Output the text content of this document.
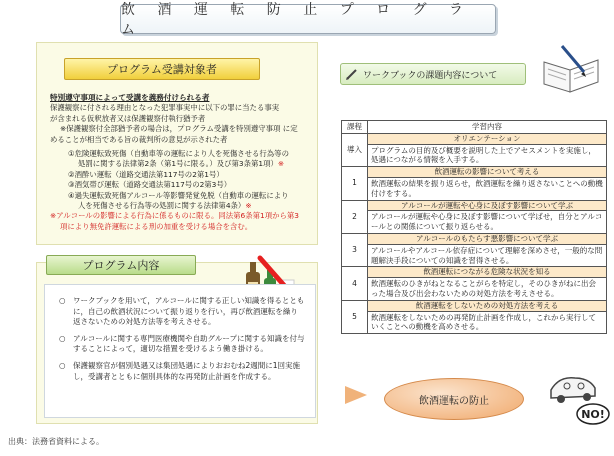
飲 酒 運 転 防 止 プ ロ グ ラ ム
プログラム受講対象者
特別遵守事項によって受講を義務付けられる者
保護観察に付される理由となった犯罪事実中に以下の罪に当たる事実
が含まれる仮釈放者又は保護観察付執行猶予者
※保護観察付全部猶予者の場合は，プログラム受講を特別遵守事項 に定
めることが相当である旨の裁判所の意見が示された者
①危険運転致死傷（自動車等の運転により人を死傷させる行為等の
処罰に関する法律第2条（第1号に限る。）及び第3条第1項）※
②酒酔い運転（道路交通法第117号の2第1号）
③酒気帯び運転（道路交通法第117号の2第3号）
④過失運転致死傷アルコール等影響発覚免脱（自動車の運転により
人を死傷させる行為等の処罰に関する法律第4条）※
※アルコールの影響による行為に係るものに限る。同法第6条第1項から第3
項により無免許運転による刑の加重を受ける場合を含む。
プログラム内容
○ ワークブックを用いて，アルコールに関する正しい知識を得るとともに，自己の飲酒状況について振り返りを行い，再び飲酒運転を繰り返さないための対処方法等を考えさせる。
○ アルコールに関する専門医療機関や自助グループに関する知識を付与することによって，適切な措置を受けるよう働き掛ける。
○ 保護観察官が個別処遇又は集団処遇によりおおむね2週間に1回実施し，受講者とともに個別具体的な再発防止計画を作成する。
ワークブックの課題内容について
課程	学習内容
導入	オリエンテーション
	プログラムの目的及び概要を説明した上でアセスメントを実施し，処遇につながる情報を入手する。
1	飲酒運転の影響について考える
	飲酒運転の結果を振り返らせ，飲酒運転を繰り返さないことへの動機付けをする。
2	アルコールが運転や心身に及ぼす影響について学ぶ
	アルコールが運転や心身に及ぼす影響について学ばせ，自分とアルコールとの関係について振り返らせる。
3	アルコールのもたらす悪影響について学ぶ
	アルコールやアルコール依存症について理解を深めさせ，一般的な問題解決手段についての知識を習得させる。
4	飲酒運転につながる危険な状況を知る
	飲酒運転のひきがねとなることがらを特定し，そのひきがねに出会った場合及び出会わないための対処方法を考えさせる。
5	飲酒運転をしないための対処方法を考える
	飲酒運転をしないための再発防止計画を作成し，これから実行していくことへの動機を高めさせる。
飲酒運転の防止
NO!
出典：法務省資料による。
